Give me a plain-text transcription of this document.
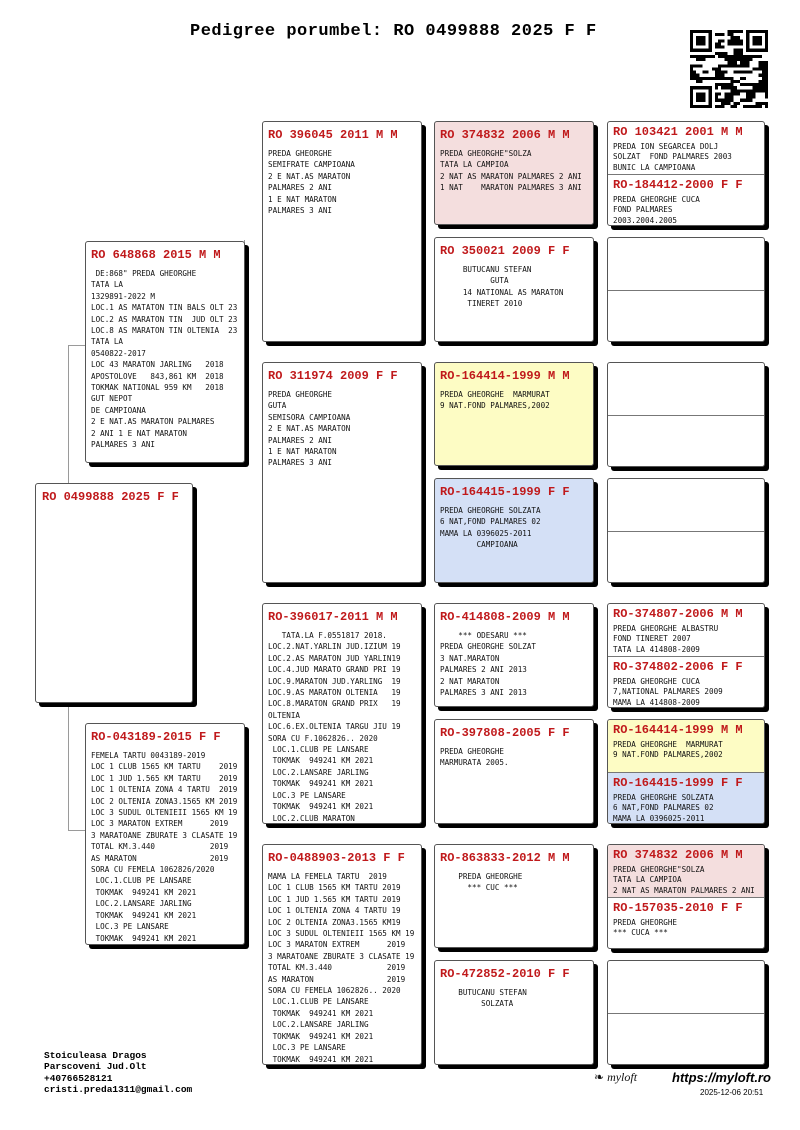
Pedigree porumbel: RO 0499888 2025 F F
RO 0499888 2025 F F
RO 648868 2015 M M
DE:868" PREDA GHEORGHE
TATA LA
1329891-2022 M
LOC.1 AS MATATON TIN BALS OLT 23
LOC.2 AS MARATON TIN  JUD OLT 23
LOC.8 AS MARATON TIN OLTENIA  23
TATA LA
0540822-2017
LOC 43 MARATON JARLING   2018
APOSTOLOVE   843,861 KM  2018
TOKMAK NATIONAL 959 KM   2018
GUT NEPOT
DE CAMPIOANA
2 E NAT.AS MARATON PALMARES
2 ANI 1 E NAT MARATON
PALMARES 3 ANI
RO-043189-2015 F F
FEMELA TARTU 0043189-2019
LOC 1 CLUB 1565 KM TARTU    2019
LOC 1 JUD 1.565 KM TARTU    2019
LOC 1 OLTENIA ZONA 4 TARTU  2019
LOC 2 OLTENIA ZONA3.1565 KM 2019
LOC 3 SUDUL OLTENIEII 1565 KM 19
LOC 3 MARATON EXTREM      2019
3 MARATOANE ZBURATE 3 CLASATE 19
TOTAL KM.3.440            2019
AS MARATON                2019
SORA CU FEMELA 1062826/2020
LOC.1.CLUB PE LANSARE
TOKMAK  949241 KM 2021
LOC.2.LANSARE JARLING
TOKMAK  949241 KM 2021
LOC.3 PE LANSARE
TOKMAK  949241 KM 2021
RO 396045 2011 M M
PREDA GHEORGHE
SEMIFRATE CAMPIOANA
2 E NAT.AS MARATON
PALMARES 2 ANI
1 E NAT MARATON
PALMARES 3 ANI
RO 311974 2009 F F
PREDA GHEORGHE
GUTA
SEMISORA CAMPIOANA
2 E NAT.AS MARATON
PALMARES 2 ANI
1 E NAT MARATON
PALMARES 3 ANI
RO-396017-2011 M M
TATA.LA F.0551817 2018.
LOC.2.NAT.YARLIN JUD.IZIUM 19
LOC.2.AS MARATON JUD YARLIN19
LOC.4.JUD MARATO GRAND PRI 19
LOC.9.MARATON JUD.YARLING  19
LOC.9.AS MARATON OLTENIA   19
LOC.8.MARATON GRAND PRIX   19
OLTENIA
LOC.6.EX.OLTENIA TARGU JIU 19
SORA CU F.1062826.. 2020
LOC.1.CLUB PE LANSARE
TOKMAK  949241 KM 2021
LOC.2.LANSARE JARLING
TOKMAK  949241 KM 2021
LOC.3 PE LANSARE
TOKMAK  949241 KM 2021
LOC.2.CLUB MARATON
RO-0488903-2013 F F
MAMA LA FEMELA TARTU  2019
LOC 1 CLUB 1565 KM TARTU 2019
LOC 1 JUD 1.565 KM TARTU 2019
LOC 1 OLTENIA ZONA 4 TARTU 19
LOC 2 OLTENIA ZONA3.1565 KM19
LOC 3 SUDUL OLTENIEII 1565 KM 19
LOC 3 MARATON EXTREM      2019
3 MARATOANE ZBURATE 3 CLASATE 19
TOTAL KM.3.440            2019
AS MARATON                2019
SORA CU FEMELA 1062826.. 2020
LOC.1.CLUB PE LANSARE
TOKMAK  949241 KM 2021
LOC.2.LANSARE JARLING
TOKMAK  949241 KM 2021
LOC.3 PE LANSARE
TOKMAK  949241 KM 2021
RO 374832 2006 M M
PREDA GHEORGHE"SOLZA
TATA LA CAMPIOA
2 NAT AS MARATON PALMARES 2 ANI
1 NAT    MARATON PALMARES 3 ANI
RO 350021 2009 F F
BUTUCANU STEFAN
GUTA
14 NATIONAL AS MARATON
TINERET 2010
RO-164414-1999 M M
PREDA GHEORGHE  MARMURAT
9 NAT.FOND PALMARES,2002
RO-164415-1999 F F
PREDA GHEORGHE SOLZATA
6 NAT,FOND PALMARES 02
MAMA LA 0396025-2011
CAMPIOANA
RO-414808-2009 M M
*** ODESARU ***
PREDA GHEORGHE SOLZAT
3 NAT.MARATON
PALMARES 2 ANI 2013
2 NAT MARATON
PALMARES 3 ANI 2013
RO-397808-2005 F F
PREDA GHEORGHE
MARMURATA 2005.
RO-863833-2012 M M
PREDA GHEORGHE
*** CUC ***
RO-472852-2010 F F
BUTUCANU STEFAN
SOLZATA
RO 103421 2001 M M
PREDA ION SEGARCEA DOLJ
SOLZAT  FOND PALMARES 2003
BUNIC LA CAMPIOANA
RO-184412-2000 F F
PREDA GHEORGHE CUCA
FOND PALMARES
2003.2004.2005
RO-374807-2006 M M
PREDA GHEORGHE ALBASTRU
FOND TINERET 2007
TATA LA 414808-2009
RO-374802-2006 F F
PREDA GHEORGHE CUCA
7,NATIONAL PALMARES 2009
MAMA LA 414808-2009
RO-164414-1999 M M
PREDA GHEORGHE  MARMURAT
9 NAT.FOND PALMARES,2002
RO-164415-1999 F F
PREDA GHEORGHE SOLZATA
6 NAT,FOND PALMARES 02
MAMA LA 0396025-2011
RO 374832 2006 M M
PREDA GHEORGHE"SOLZA
TATA LA CAMPIOA
2 NAT AS MARATON PALMARES 2 ANI
RO-157035-2010 F F
PREDA GHEORGHE
*** CUCA ***
Stoiculeasa Dragos
Parscoveni Jud.Olt
+40766528121
cristi.preda1311@gmail.com
❧ myloft	https://myloft.ro
2025-12-06 20:51
